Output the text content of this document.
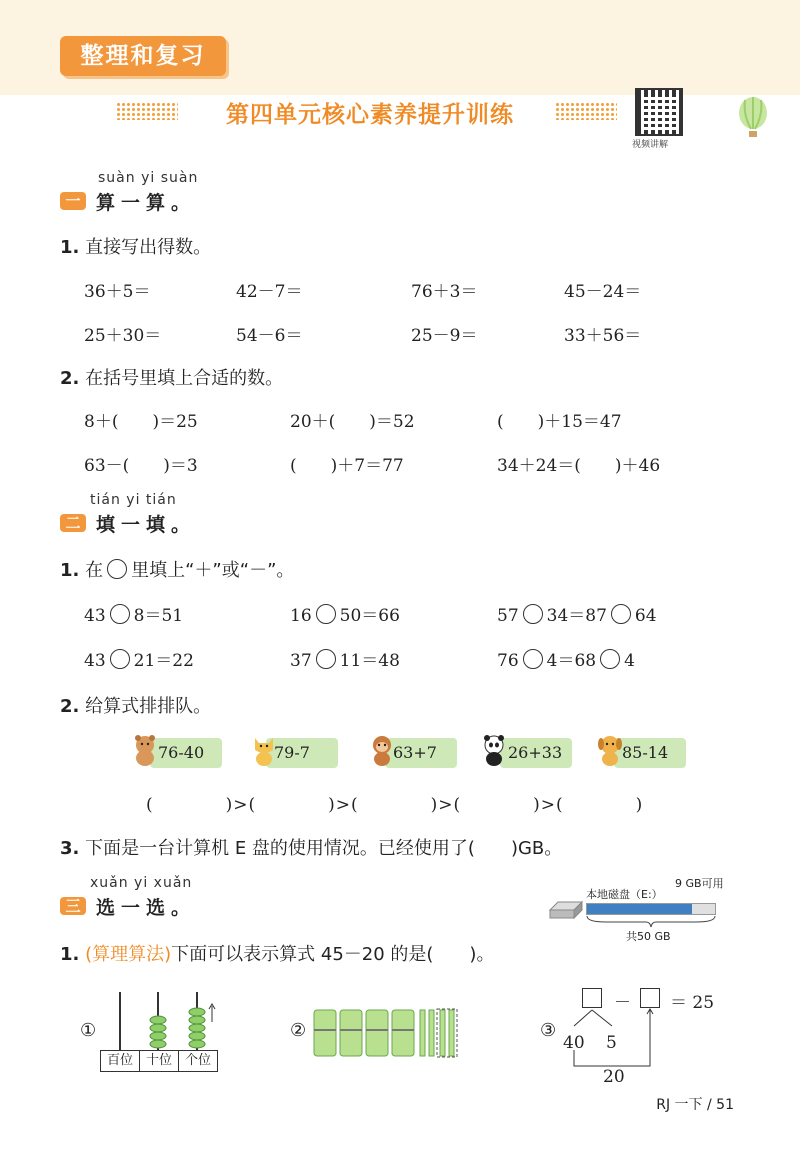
整理和复习
第四单元核心素养提升训练
视频讲解
suàn yi suàn
一 算一算。
1. 直接写出得数。
36＋5＝	42－7＝	76＋3＝	45－24＝
25＋30＝	54－6＝	25－9＝	33＋56＝
2. 在括号里填上合适的数。
8＋(　　)＝25	20＋(　　)＝52	(　　)＋15＝47
63－(　　)＝3	(　　)＋7＝77	34＋24＝(　　)＋46
tián yi tián
二 填一填。
1. 在 里填上“＋”或“－”。
43 8＝51	16 50＝66	57 34＝87 64
43 21＝22	37 11＝48	76 4＝68 4
2. 给算式排排队。
76-40	79-7	63+7	26+33	85-14
(　　　　)>(　　　　)>(　　　　)>(　　　　)>(　　　　)
3. 下面是一台计算机 E 盘的使用情况。已经使用了(　　)GB。
本地磁盘（E:）
9 GB可用
共50 GB
xuǎn yi xuǎn
三 选一选。
1. (算理算法)下面可以表示算式 45－20 的是(　　)。
①
百位 十位 个位
②	③
－ ＝ 25
40 5
20
RJ 一下 / 51
